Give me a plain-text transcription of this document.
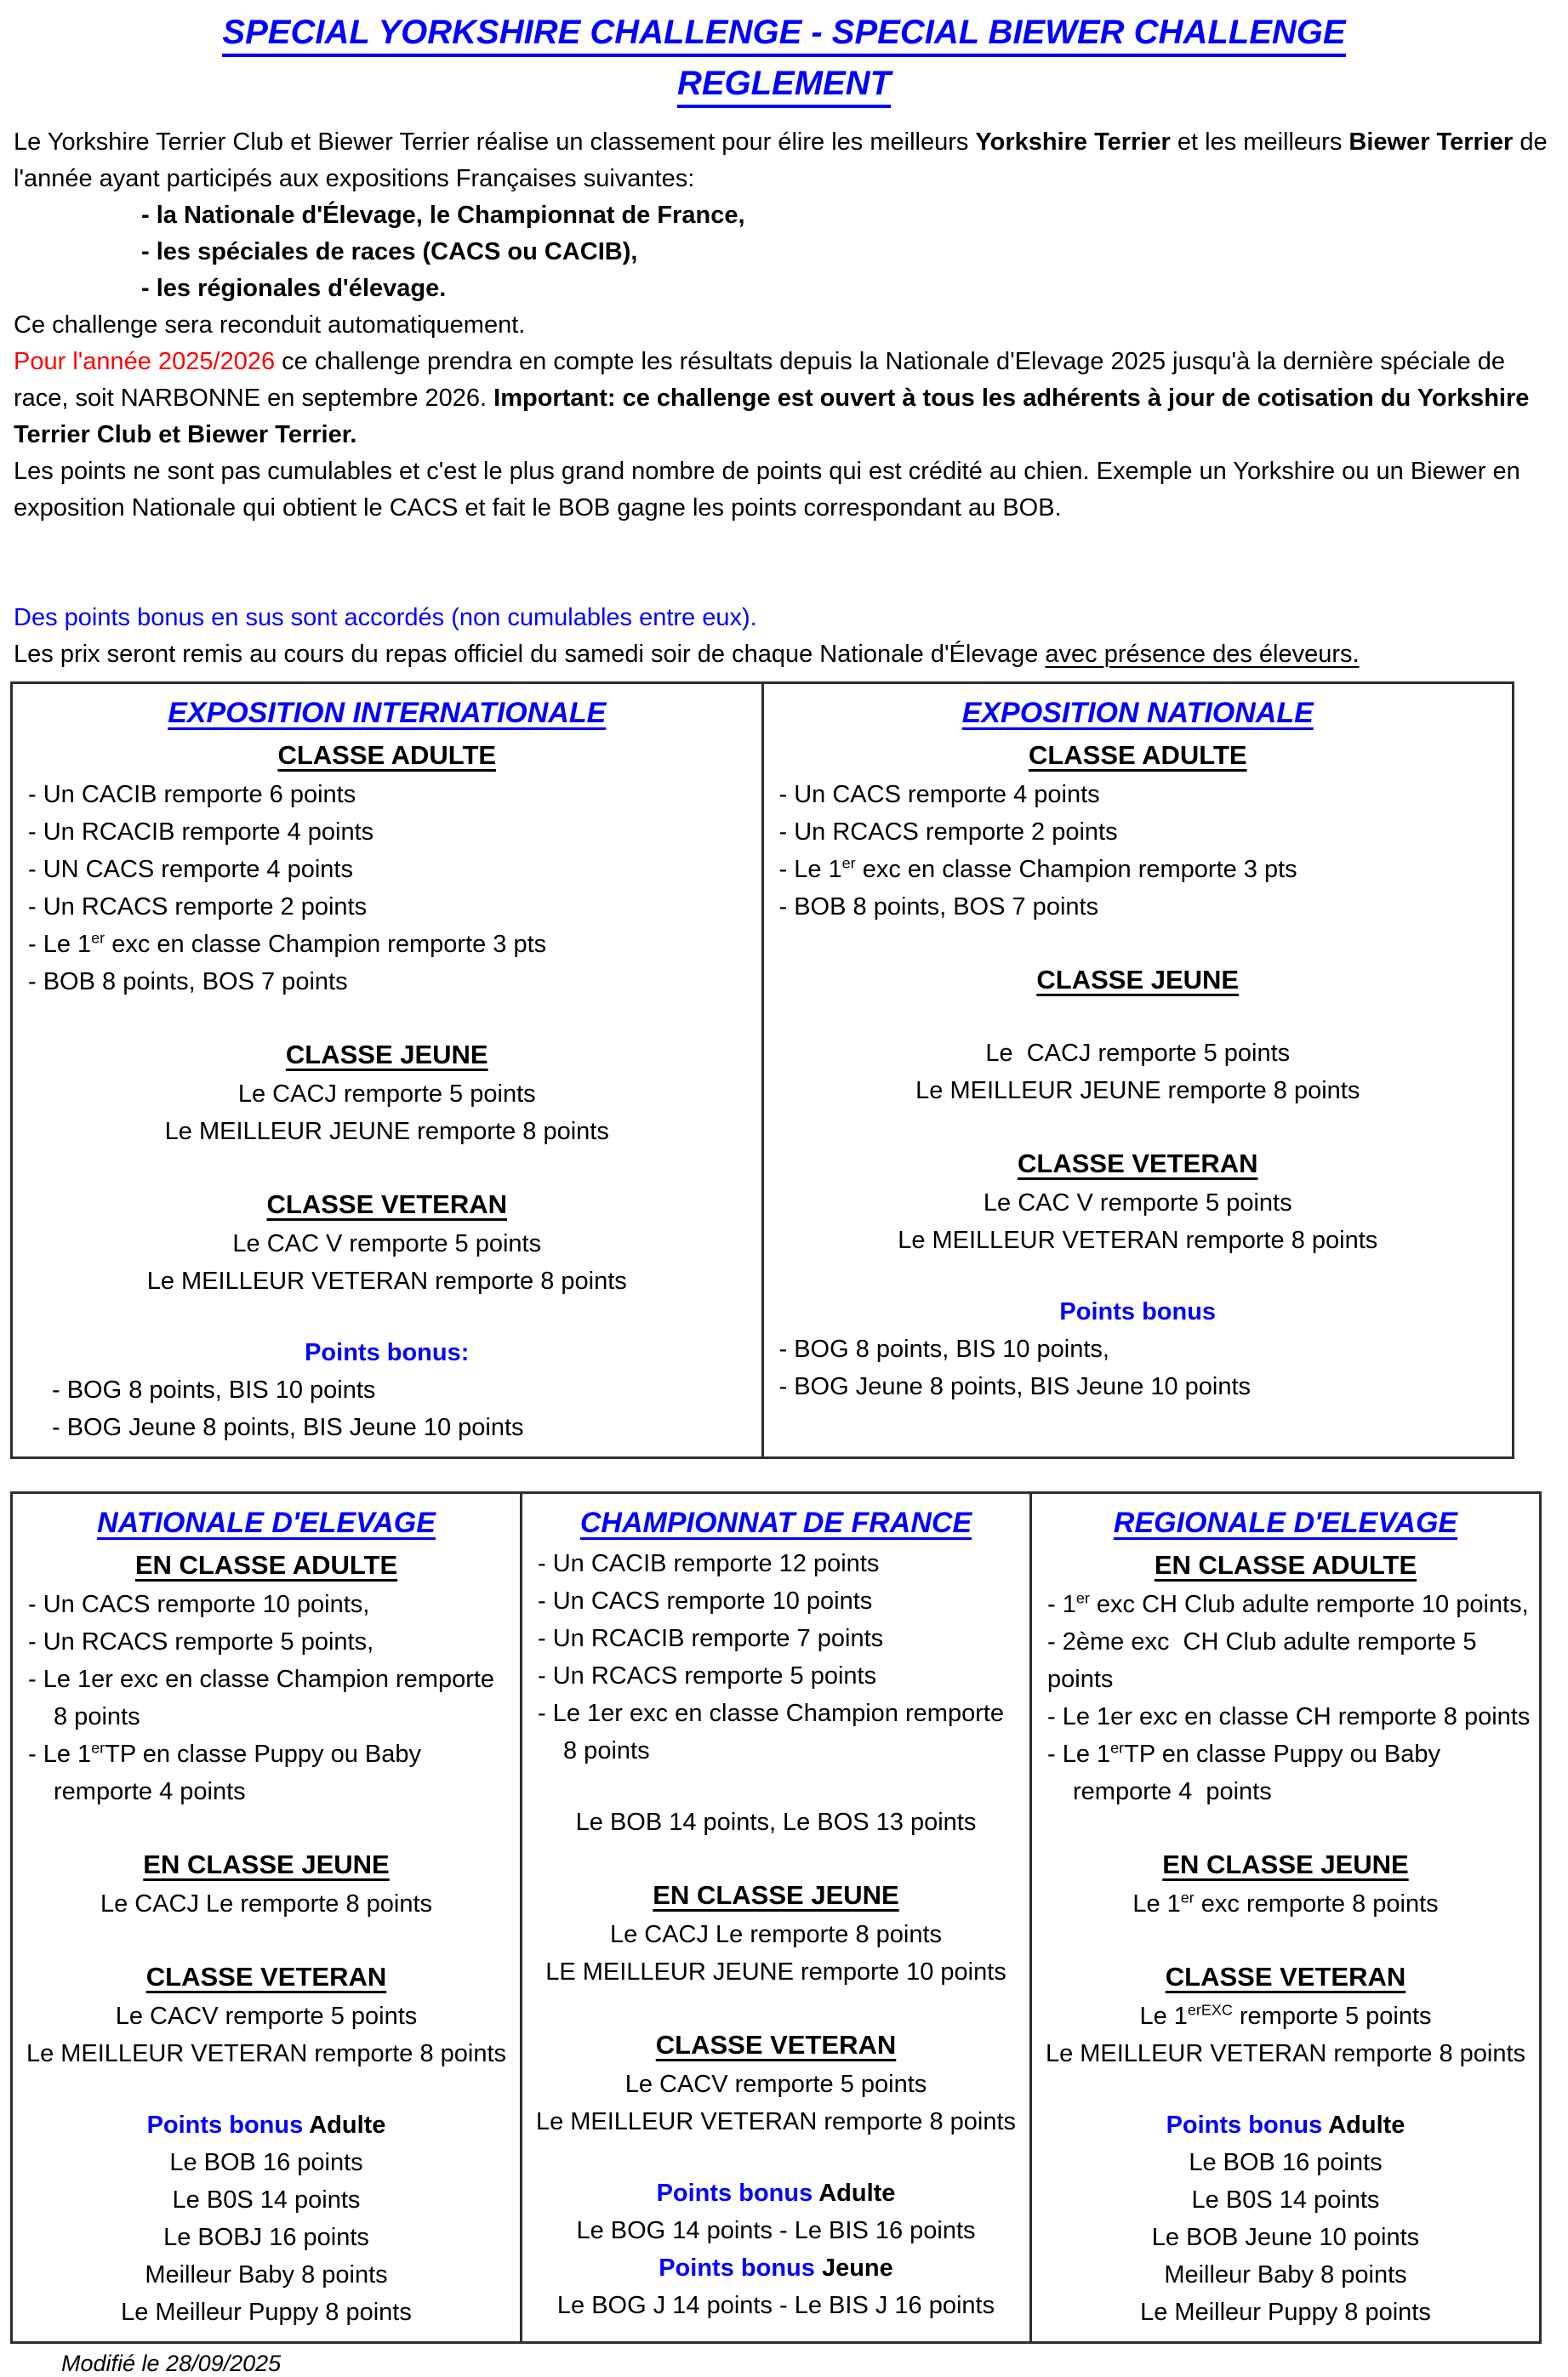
SPECIAL YORKSHIRE CHALLENGE - SPECIAL BIEWER CHALLENGE
REGLEMENT
Le Yorkshire Terrier Club et Biewer Terrier réalise un classement pour élire les meilleurs Yorkshire Terrier et les meilleurs Biewer Terrier de l'année ayant participés aux expositions Françaises suivantes:
- la Nationale d'Élevage, le Championnat de France,
- les spéciales de races (CACS ou CACIB),
- les régionales d'élevage.
Ce challenge sera reconduit automatiquement.
Pour l'année 2025/2026 ce challenge prendra en compte les résultats depuis la Nationale d'Elevage 2025 jusqu'à la dernière spéciale de race, soit NARBONNE en septembre 2026. Important: ce challenge est ouvert à tous les adhérents à jour de cotisation du Yorkshire Terrier Club et Biewer Terrier.
Les points ne sont pas cumulables et c'est le plus grand nombre de points qui est crédité au chien. Exemple un Yorkshire ou un Biewer en exposition Nationale qui obtient le CACS et fait le BOB gagne les points correspondant au BOB.
Des points bonus en sus sont accordés (non cumulables entre eux).
Les prix seront remis au cours du repas officiel du samedi soir de chaque Nationale d'Élevage avec présence des éleveurs.
EXPOSITION INTERNATIONALE
CLASSE ADULTE
- Un CACIB remporte 6 points
- Un RCACIB remporte 4 points
- UN CACS remporte 4 points
- Un RCACS remporte 2 points
- Le 1er exc en classe Champion remporte 3 pts
- BOB 8 points, BOS 7 points
CLASSE JEUNE
Le CACJ remporte 5 points
Le MEILLEUR JEUNE remporte 8 points
CLASSE VETERAN
Le CAC V remporte 5 points
Le MEILLEUR VETERAN remporte 8 points
Points bonus:
- BOG 8 points, BIS 10 points
- BOG Jeune 8 points, BIS Jeune 10 points

EXPOSITION NATIONALE
CLASSE ADULTE
- Un CACS remporte 4 points
- Un RCACS remporte 2 points
- Le 1er exc en classe Champion remporte 3 pts
- BOB 8 points, BOS 7 points
CLASSE JEUNE
Le  CACJ remporte 5 points
Le MEILLEUR JEUNE remporte 8 points
CLASSE VETERAN
Le CAC V remporte 5 points
Le MEILLEUR VETERAN remporte 8 points
Points bonus
- BOG 8 points, BIS 10 points,
- BOG Jeune 8 points, BIS Jeune 10 points
NATIONALE D'ELEVAGE
EN CLASSE ADULTE
- Un CACS remporte 10 points,
- Un RCACS remporte 5 points,
- Le 1er exc en classe Champion remporte
8 points
- Le 1erTP en classe Puppy ou Baby
remporte 4 points
EN CLASSE JEUNE
Le CACJ Le remporte 8 points
CLASSE VETERAN
Le CACV remporte 5 points
Le MEILLEUR VETERAN remporte 8 points
Points bonus Adulte
Le BOB 16 points
Le B0S 14 points
Le BOBJ 16 points
Meilleur Baby 8 points
Le Meilleur Puppy 8 points

CHAMPIONNAT DE FRANCE
- Un CACIB remporte 12 points
- Un CACS remporte 10 points
- Un RCACIB remporte 7 points
- Un RCACS remporte 5 points
- Le 1er exc en classe Champion remporte
8 points
Le BOB 14 points, Le BOS 13 points
EN CLASSE JEUNE
Le CACJ Le remporte 8 points
LE MEILLEUR JEUNE remporte 10 points
CLASSE VETERAN
Le CACV remporte 5 points
Le MEILLEUR VETERAN remporte 8 points
Points bonus Adulte
Le BOG 14 points - Le BIS 16 points
Points bonus Jeune
Le BOG J 14 points - Le BIS J 16 points

REGIONALE D'ELEVAGE
EN CLASSE ADULTE
- 1er exc CH Club adulte remporte 10 points,
- 2ème exc  CH Club adulte remporte 5 points
- Le 1er exc en classe CH remporte 8 points
- Le 1erTP en classe Puppy ou Baby
remporte 4  points
EN CLASSE JEUNE
Le 1er exc remporte 8 points
CLASSE VETERAN
Le $1^{erEXC}$ remporte 5 points
Le MEILLEUR VETERAN remporte 8 points
Points bonus Adulte
Le BOB 16 points
Le B0S 14 points
Le BOB Jeune 10 points
Meilleur Baby 8 points
Le Meilleur Puppy 8 points
Modifié le 28/09/2025
